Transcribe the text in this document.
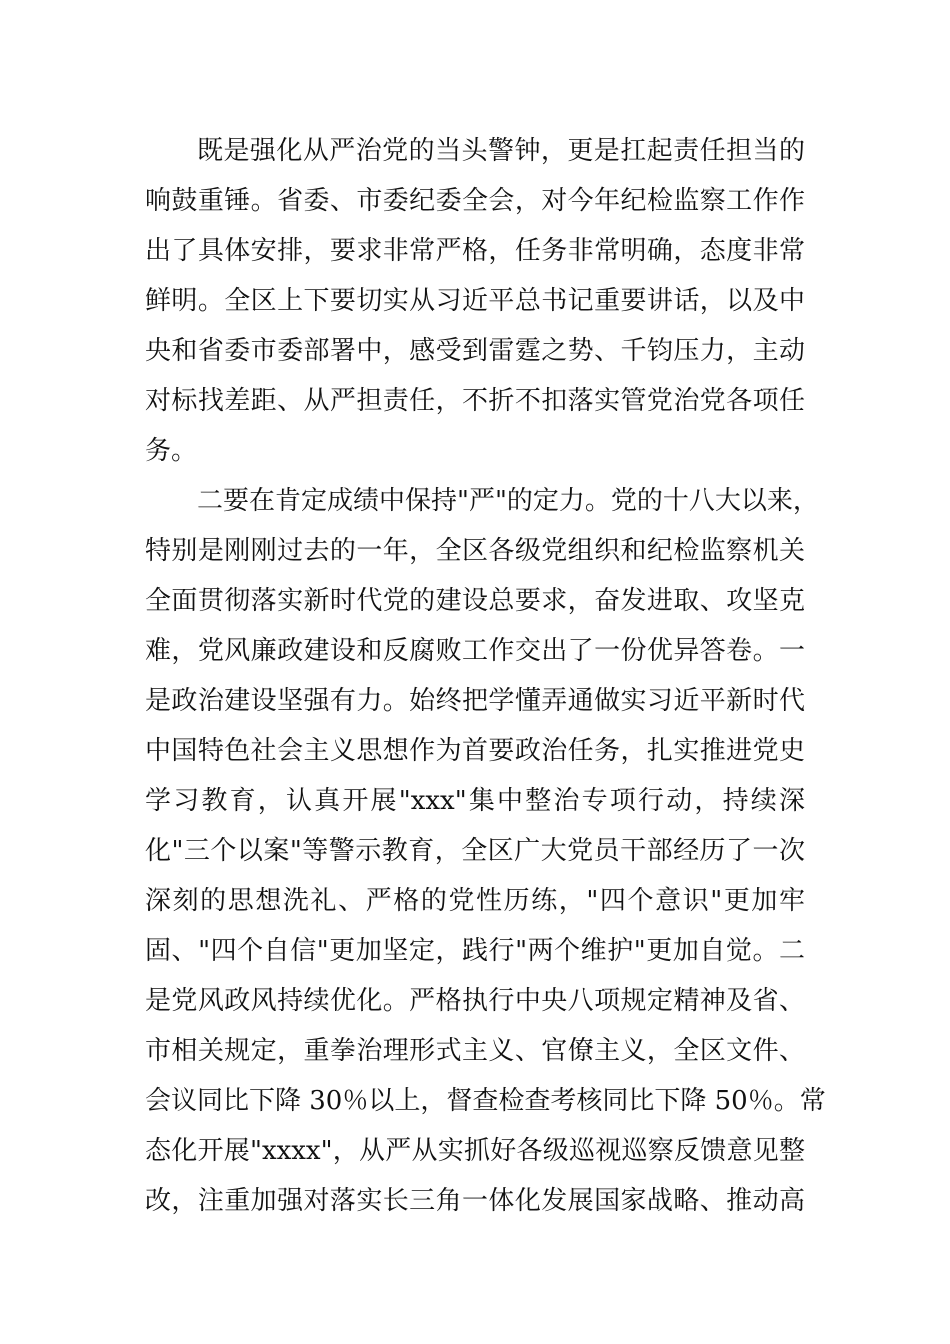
既是强化从严治党的当头警钟，更是扛起责任担当的
响鼓重锤。省委、市委纪委全会，对今年纪检监察工作作
出了具体安排，要求非常严格，任务非常明确，态度非常
鲜明。全区上下要切实从习近平总书记重要讲话，以及中
央和省委市委部署中，感受到雷霆之势、千钧压力，主动
对标找差距、从严担责任，不折不扣落实管党治党各项任
务。
二要在肯定成绩中保持"严"的定力。党的十八大以来，
特别是刚刚过去的一年，全区各级党组织和纪检监察机关
全面贯彻落实新时代党的建设总要求，奋发进取、攻坚克
难，党风廉政建设和反腐败工作交出了一份优异答卷。一
是政治建设坚强有力。始终把学懂弄通做实习近平新时代
中国特色社会主义思想作为首要政治任务，扎实推进党史
学习教育，认真开展"xxx"集中整治专项行动，持续深
化"三个以案"等警示教育，全区广大党员干部经历了一次
深刻的思想洗礼、严格的党性历练，"四个意识"更加牢
固、"四个自信"更加坚定，践行"两个维护"更加自觉。二
是党风政风持续优化。严格执行中央八项规定精神及省、
市相关规定，重拳治理形式主义、官僚主义，全区文件、
会议同比下降 30％以上，督查检查考核同比下降 50％。常
态化开展"xxxx"，从严从实抓好各级巡视巡察反馈意见整
改，注重加强对落实长三角一体化发展国家战略、推动高
